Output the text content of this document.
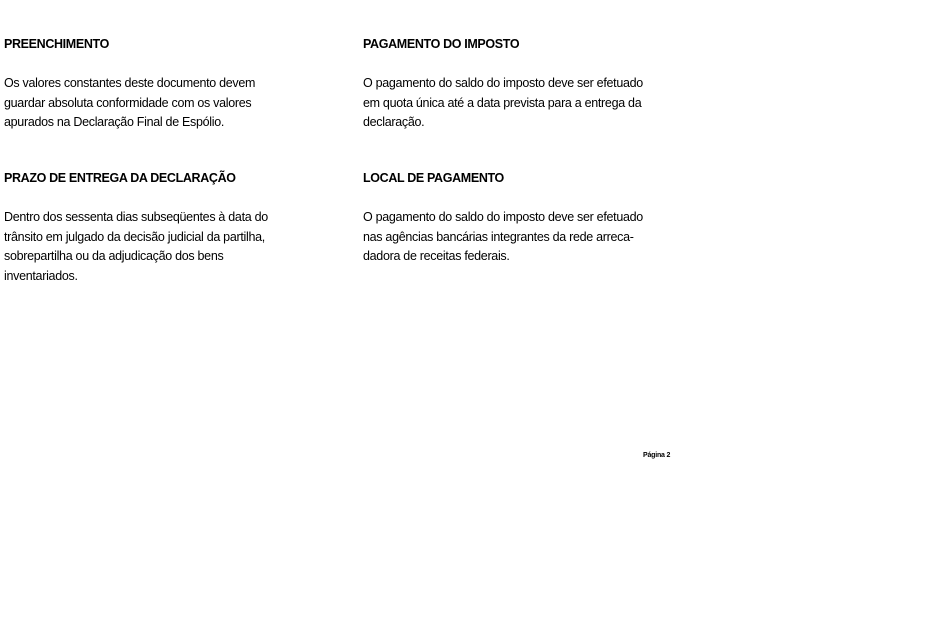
PREENCHIMENTO

Os valores constantes deste documento devem
guardar absoluta conformidade com os valores
apurados na Declaração Final de Espólio.

PAGAMENTO DO IMPOSTO

O pagamento do saldo do imposto deve ser efetuado
em quota única até a data prevista para a entrega da
declaração.

PRAZO DE ENTREGA DA DECLARAÇÃO

Dentro dos sessenta dias subseqüentes à data do
trânsito em julgado da decisão judicial da partilha,
sobrepartilha ou da adjudicação dos bens
inventariados.

LOCAL DE PAGAMENTO

O pagamento do saldo do imposto deve ser efetuado
nas agências bancárias integrantes da rede arreca-
dadora de receitas federais.

Página 2
